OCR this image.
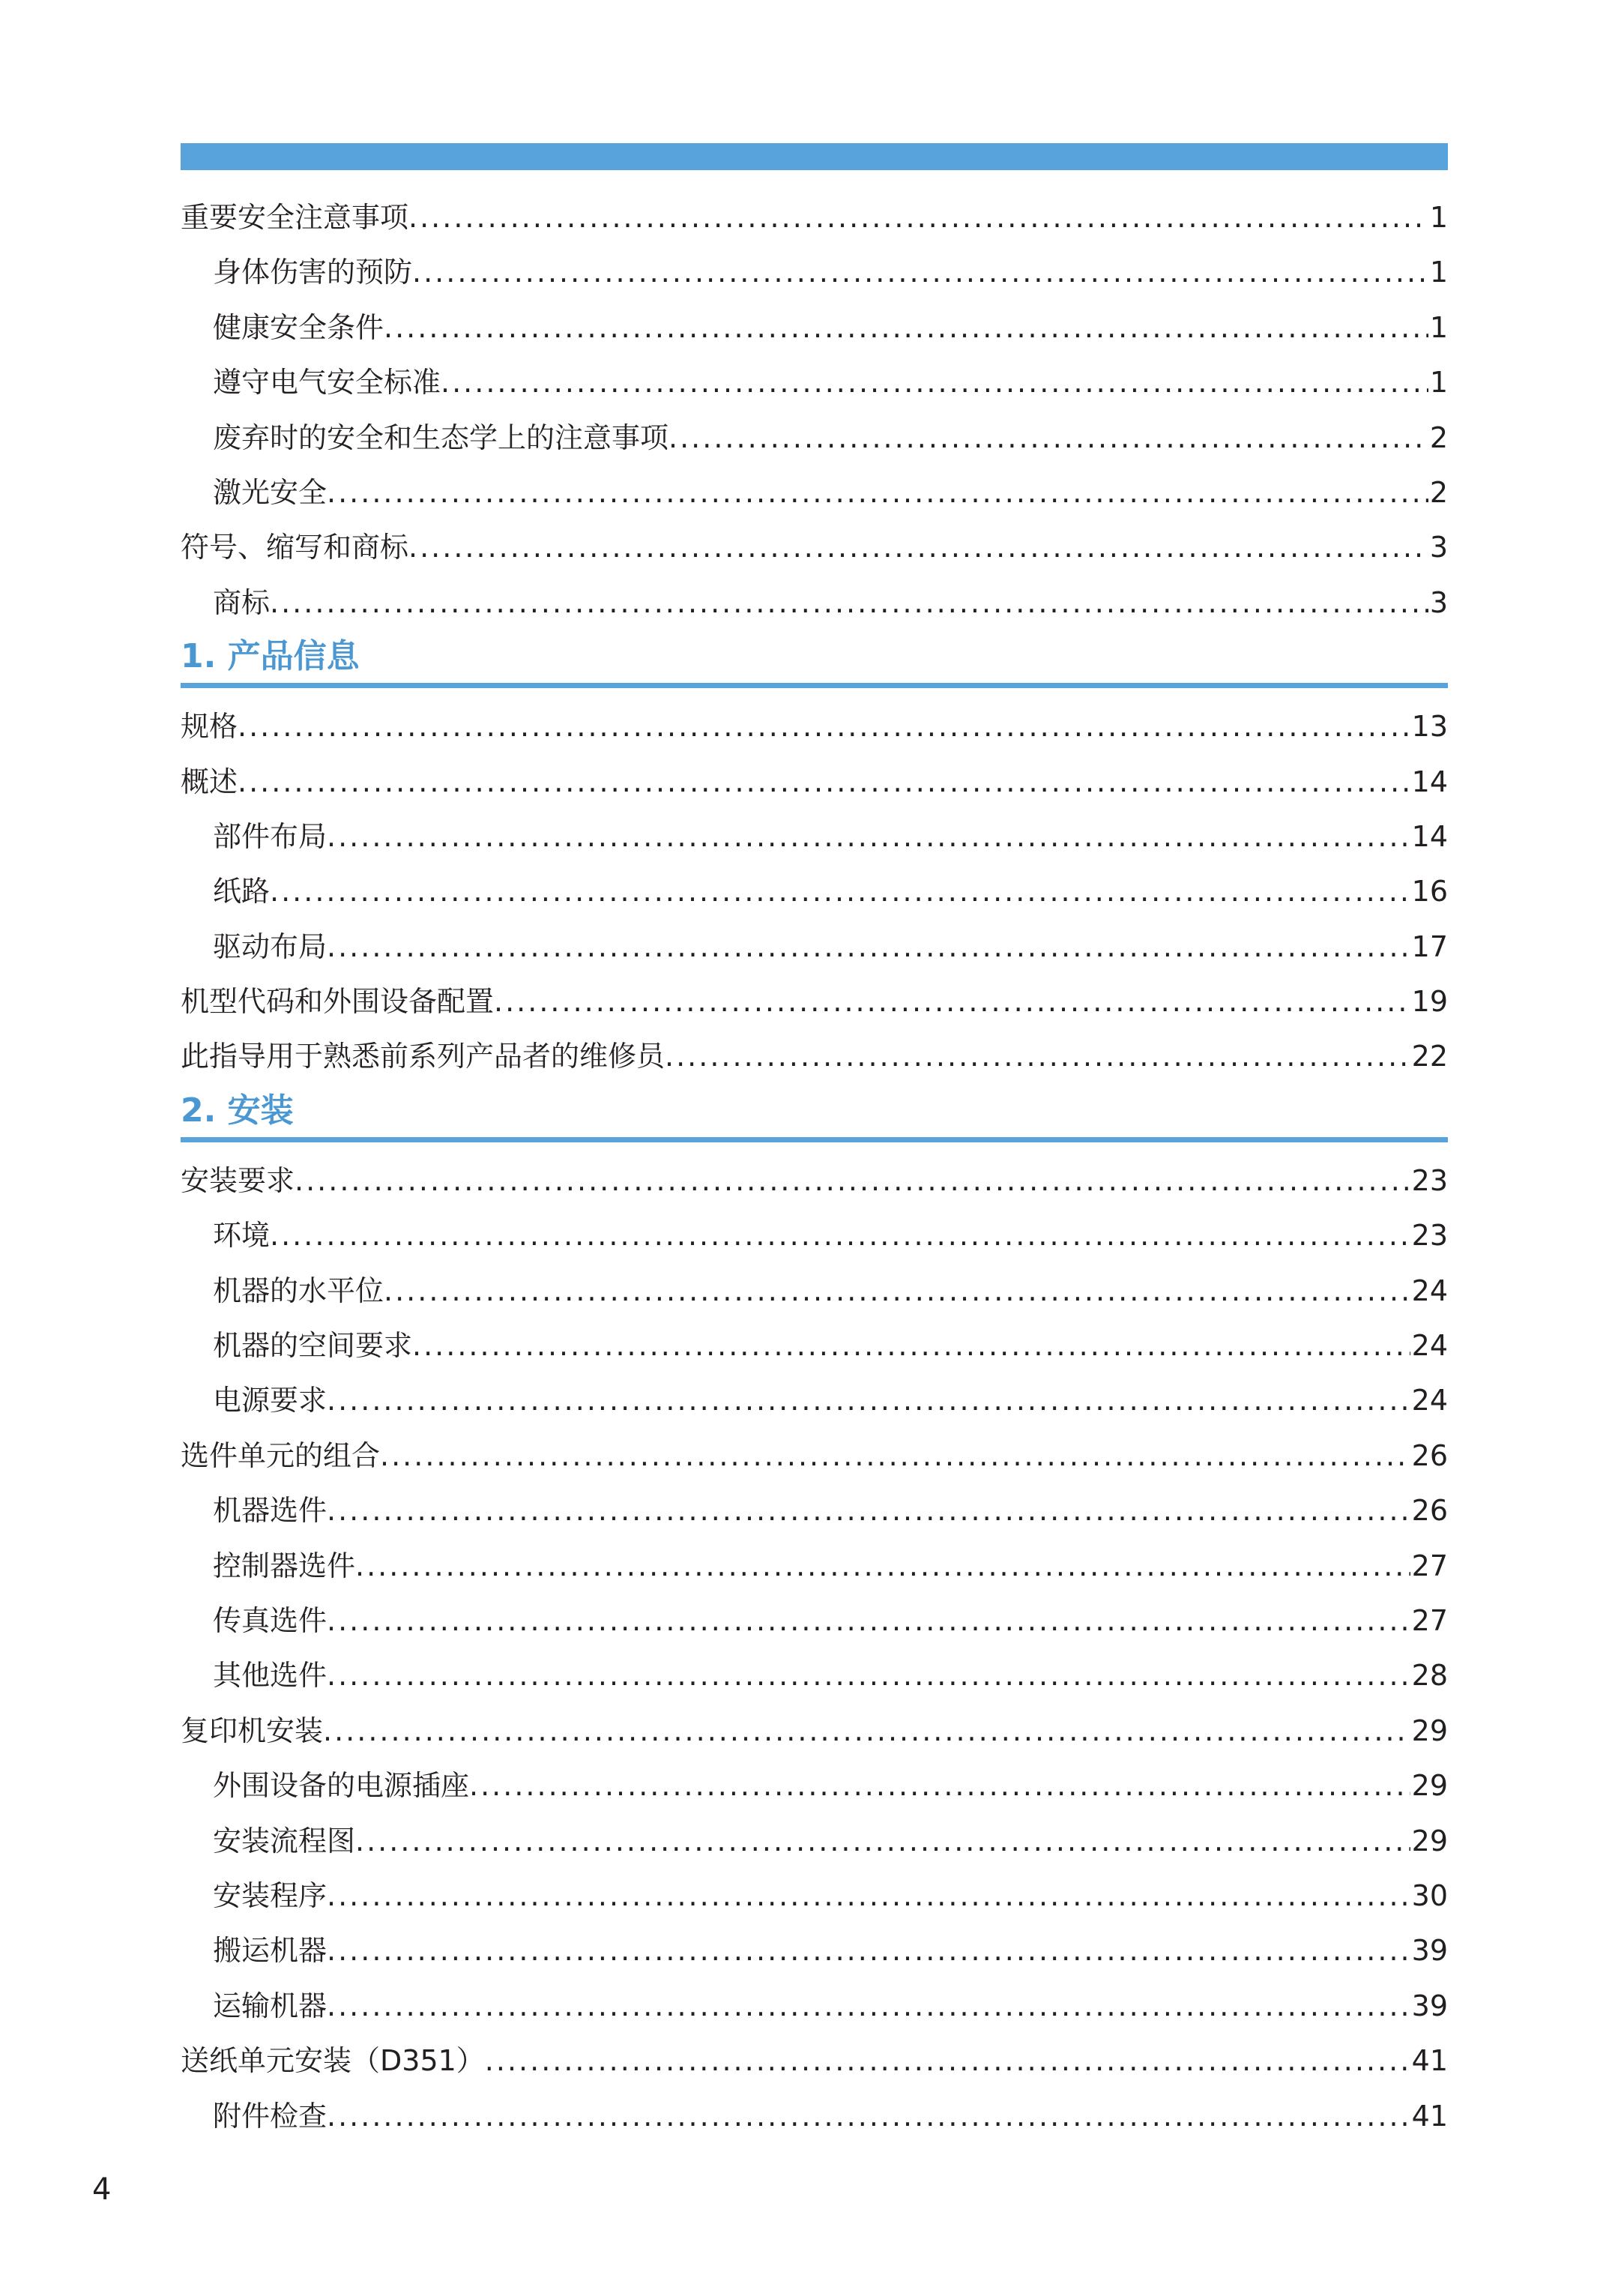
重要安全注意事项 .....	1
身体伤害的预防 .....	1
健康安全条件 .....	1
遵守电气安全标准 .....	1
废弃时的安全和生态学上的注意事项 .....	2
激光安全 .....	2
符号、缩写和商标 .....	3
商标 .....	3
1. 产品信息
规格 .....	13
概述 .....	14
部件布局 .....	14
纸路 .....	16
驱动布局 .....	17
机型代码和外围设备配置 .....	19
此指导用于熟悉前系列产品者的维修员 .....	22
2. 安装
安装要求 .....	23
环境 .....	23
机器的水平位 .....	24
机器的空间要求 .....	24
电源要求 .....	24
选件单元的组合 .....	26
机器选件 .....	26
控制器选件 .....	27
传真选件 .....	27
其他选件 .....	28
复印机安装 .....	29
外围设备的电源插座 .....	29
安装流程图 .....	29
安装程序 .....	30
搬运机器 .....	39
运输机器 .....	39
送纸单元安装（D351） .....	41
附件检查 .....	41
4
